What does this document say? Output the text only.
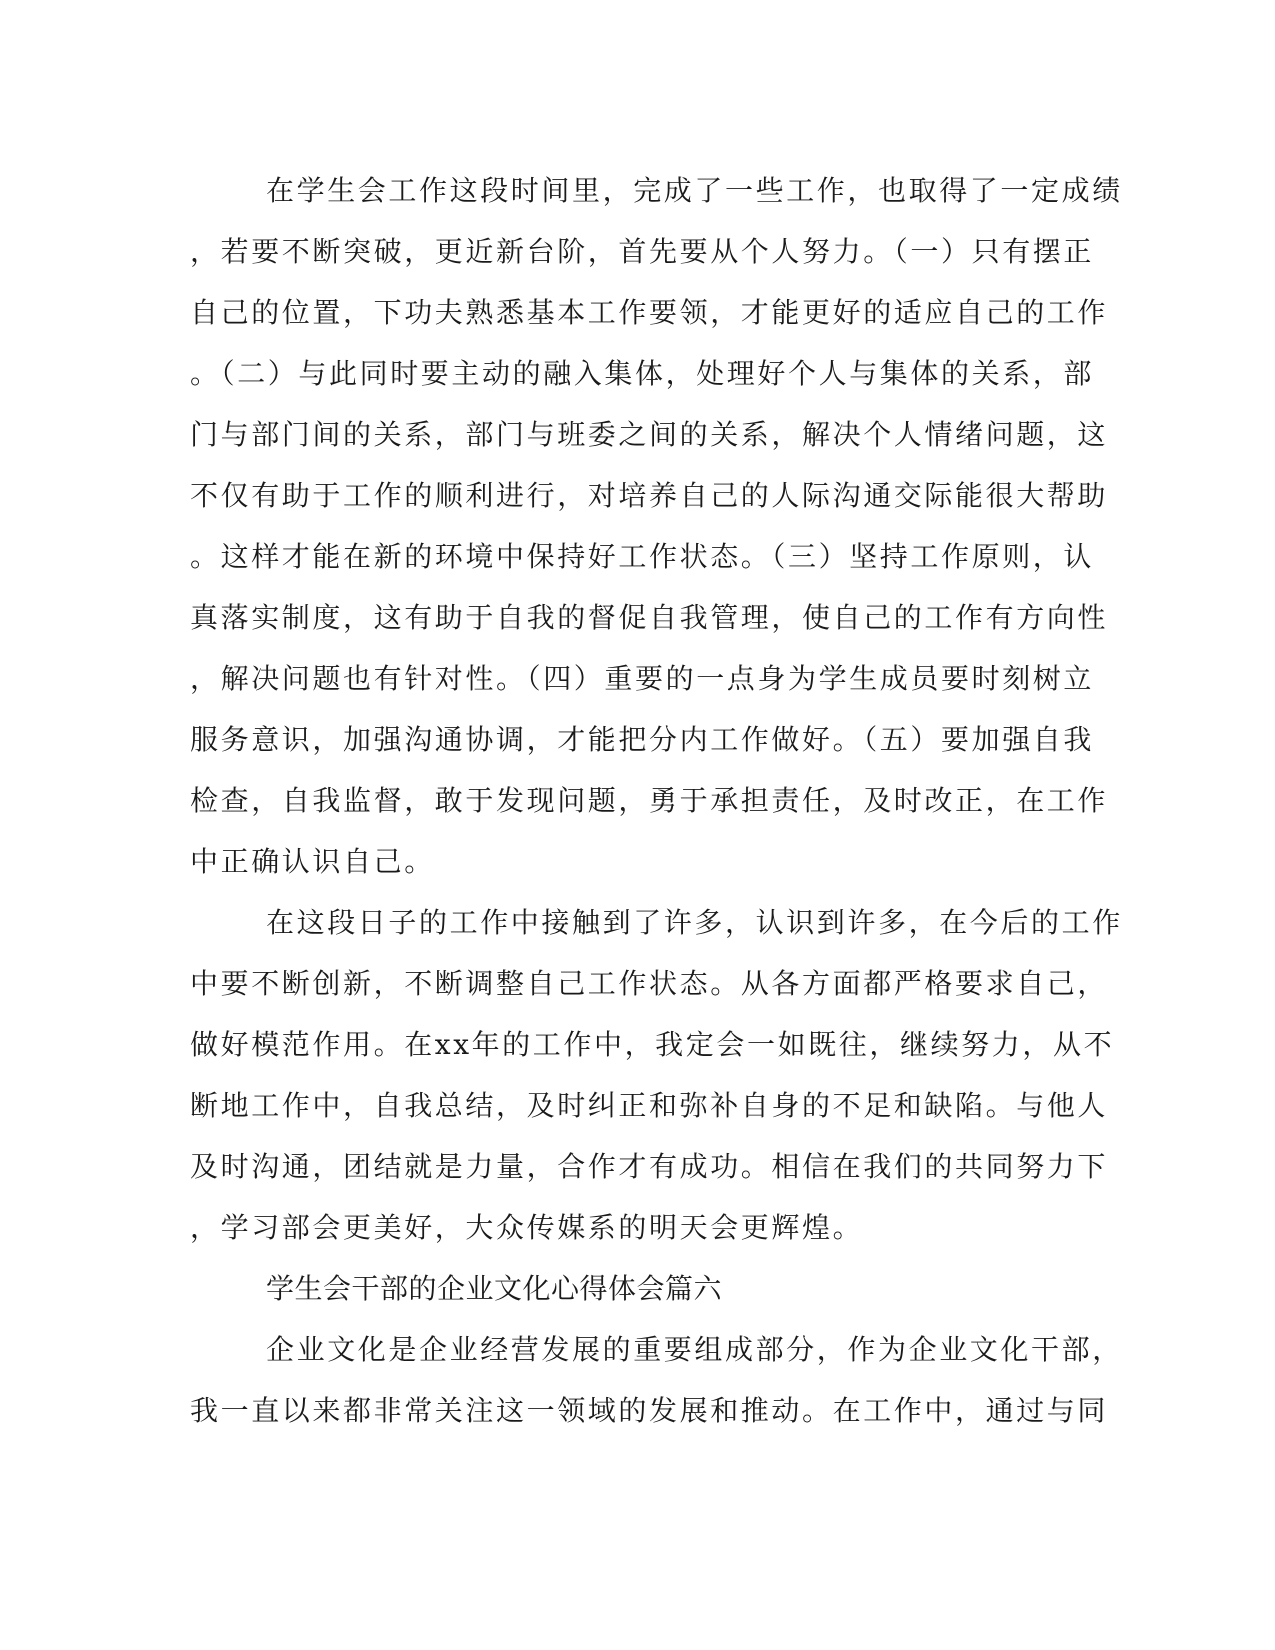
在学生会工作这段时间里，完成了一些工作，也取得了一定成绩
，若要不断突破，更近新台阶，首先要从个人努力。（一）只有摆正
自己的位置，下功夫熟悉基本工作要领，才能更好的适应自己的工作
。（二）与此同时要主动的融入集体，处理好个人与集体的关系，部
门与部门间的关系，部门与班委之间的关系，解决个人情绪问题，这
不仅有助于工作的顺利进行，对培养自己的人际沟通交际能很大帮助
。这样才能在新的环境中保持好工作状态。（三）坚持工作原则，认
真落实制度，这有助于自我的督促自我管理，使自己的工作有方向性
，解决问题也有针对性。（四）重要的一点身为学生成员要时刻树立
服务意识，加强沟通协调，才能把分内工作做好。（五）要加强自我
检查，自我监督，敢于发现问题，勇于承担责任，及时改正，在工作
中正确认识自己。
在这段日子的工作中接触到了许多，认识到许多，在今后的工作
中要不断创新，不断调整自己工作状态。从各方面都严格要求自己，
做好模范作用。在xx年的工作中，我定会一如既往，继续努力，从不
断地工作中，自我总结，及时纠正和弥补自身的不足和缺陷。与他人
及时沟通，团结就是力量，合作才有成功。相信在我们的共同努力下
，学习部会更美好，大众传媒系的明天会更辉煌。
学生会干部的企业文化心得体会篇六
企业文化是企业经营发展的重要组成部分，作为企业文化干部，
我一直以来都非常关注这一领域的发展和推动。在工作中，通过与同
